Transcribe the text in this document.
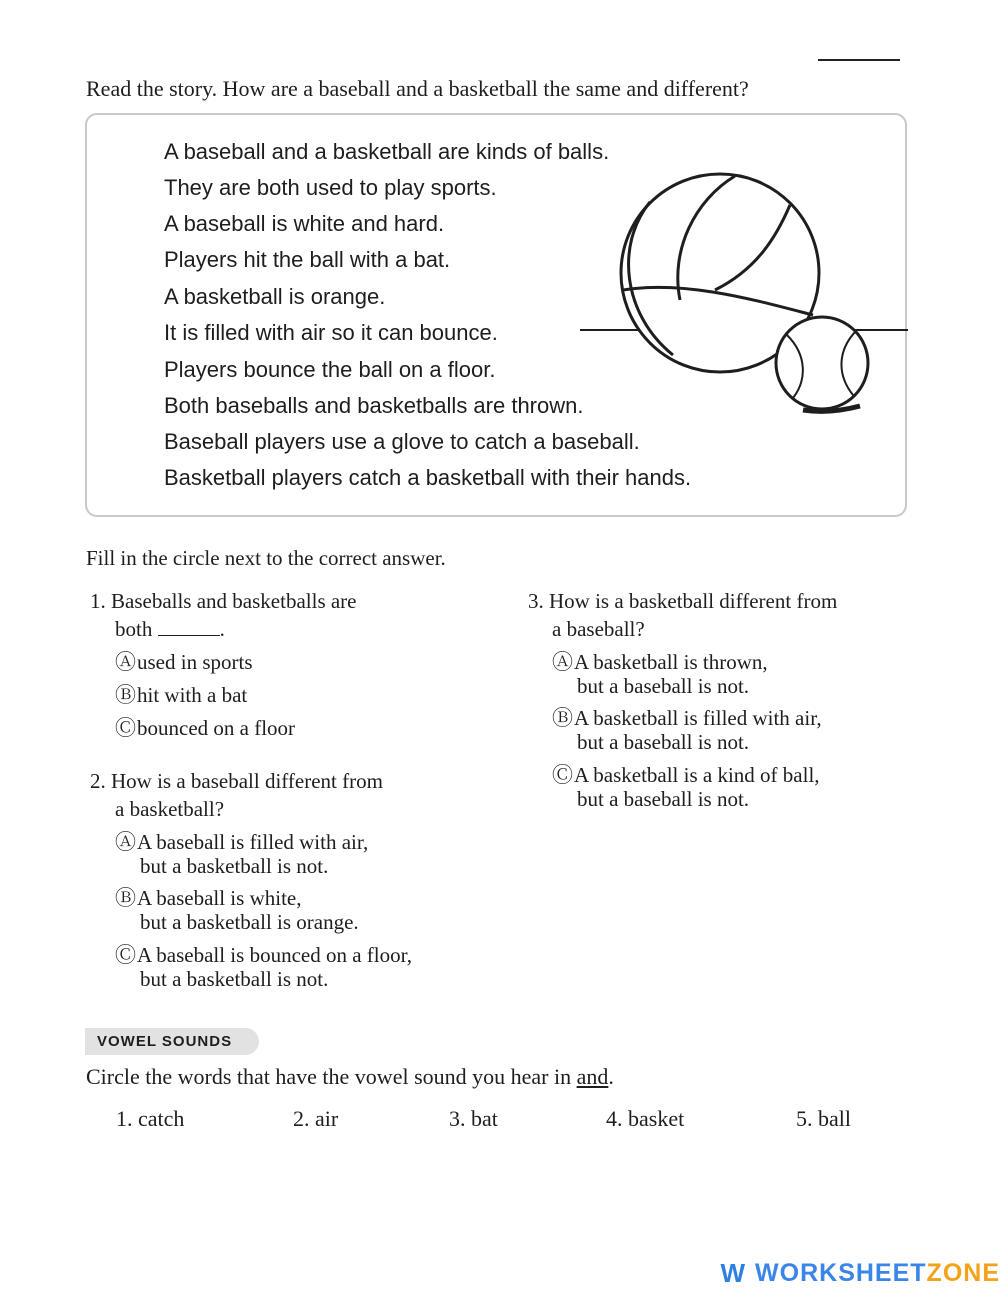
Read the story. How are a baseball and a basketball the same and different?
A baseball and a basketball are kinds of balls.
They are both used to play sports.
A baseball is white and hard.
Players hit the ball with a bat.
A basketball is orange.
It is filled with air so it can bounce.
Players bounce the ball on a floor.
Both baseballs and basketballs are thrown.
Baseball players use a glove to catch a baseball.
Basketball players catch a basketball with their hands.
Fill in the circle next to the correct answer.
1. Baseballs and basketballs are
both	.
Ⓐused in sports
Ⓑhit with a bat
Ⓒbounced on a floor
2. How is a baseball different from
a basketball?
ⒶA baseball is filled with air,
but a basketball is not.
ⒷA baseball is white,
but a basketball is orange.
ⒸA baseball is bounced on a floor,
but a basketball is not.
3. How is a basketball different from
a baseball?
ⒶA basketball is thrown,
but a baseball is not.
ⒷA basketball is filled with air,
but a baseball is not.
ⒸA basketball is a kind of ball,
but a baseball is not.
VOWEL SOUNDS
Circle the words that have the vowel sound you hear in and.
1. catch	2. air	3. bat	4. basket	5. ball
W WORKSHEETZONE
